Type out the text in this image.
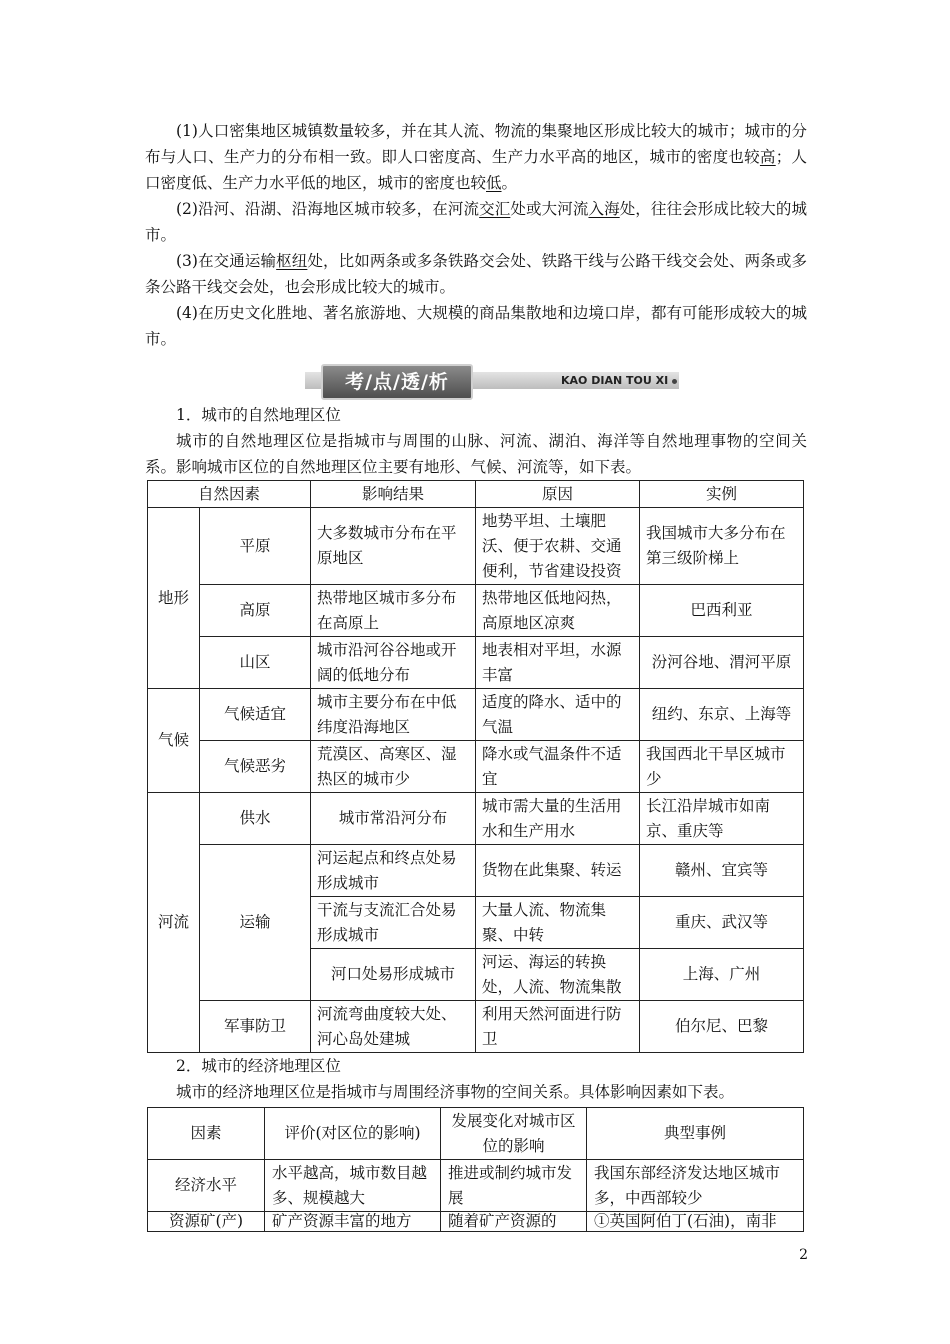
(1)人口密集地区城镇数量较多，并在其人流、物流的集聚地区形成比较大的城市；城市的分布与人口、生产力的分布相一致。即人口密度高、生产力水平高的地区，城市的密度也较高；人口密度低、生产力水平低的地区，城市的密度也较低。

(2)沿河、沿湖、沿海地区城市较多，在河流交汇处或大河流入海处，往往会形成比较大的城市。

(3)在交通运输枢纽处，比如两条或多条铁路交会处、铁路干线与公路干线交会处、两条或多条公路干线交会处，也会形成比较大的城市。

(4)在历史文化胜地、著名旅游地、大规模的商品集散地和边境口岸，都有可能形成较大的城市。

考/点/透/析	KAO DIAN TOU XI

1．城市的自然地理区位

城市的自然地理区位是指城市与周围的山脉、河流、湖泊、海洋等自然地理事物的空间关系。影响城市区位的自然地理区位主要有地形、气候、河流等，如下表。

自然因素		影响结果	原因	实例
地形	平原	大多数城市分布在平原地区	地势平坦、土壤肥沃、便于农耕、交通便利，节省建设投资	我国城市大多分布在第三级阶梯上
	高原	热带地区城市多分布在高原上	热带地区低地闷热，高原地区凉爽	巴西利亚
	山区	城市沿河谷谷地或开阔的低地分布	地表相对平坦，水源丰富	汾河谷地、渭河平原
气候	气候适宜	城市主要分布在中低纬度沿海地区	适度的降水、适中的气温	纽约、东京、上海等
	气候恶劣	荒漠区、高寒区、湿热区的城市少	降水或气温条件不适宜	我国西北干旱区城市少
河流	供水	城市常沿河分布	城市需大量的生活用水和生产用水	长江沿岸城市如南京、重庆等
	运输	河运起点和终点处易形成城市	货物在此集聚、转运	赣州、宜宾等
		干流与支流汇合处易形成城市	大量人流、物流集聚、中转	重庆、武汉等
		河口处易形成城市	河运、海运的转换处，人流、物流集散	上海、广州
	军事防卫	河流弯曲度较大处、河心岛处建城	利用天然河面进行防卫	伯尔尼、巴黎

2．城市的经济地理区位

城市的经济地理区位是指城市与周围经济事物的空间关系。具体影响因素如下表。

因素	评价(对区位的影响)	发展变化对城市区位的影响	典型事例
经济水平	水平越高，城市数目越多、规模越大	推进或制约城市发展	我国东部经济发达地区城市多，中西部较少
资源矿(产)	矿产资源丰富的地方	随着矿产资源的	①英国阿伯丁(石油)，南非
2
